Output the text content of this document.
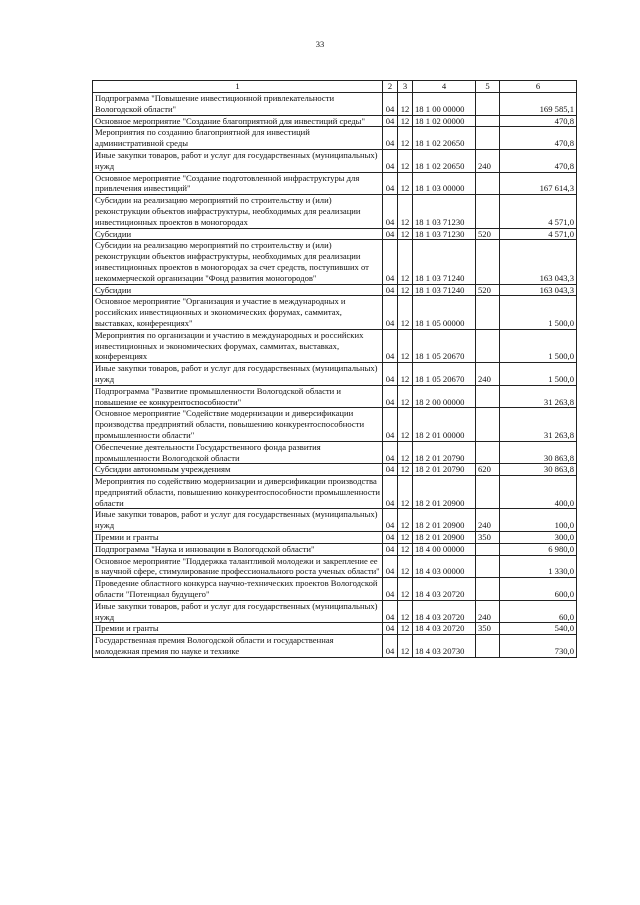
33
1	2	3	4	5	6
Подпрограмма "Повышение инвестиционной привлекательности Вологодской области"	04	12	18 1 00 00000		169 585,1
Основное мероприятие "Создание благоприятной для инвестиций среды"	04	12	18 1 02 00000		470,8
Мероприятия по созданию благоприятной для инвестиций административной среды	04	12	18 1 02 20650		470,8
Иные закупки товаров, работ и услуг для государственных (муниципальных) нужд	04	12	18 1 02 20650	240	470,8
Основное мероприятие "Создание подготовленной инфраструктуры для привлечения инвестиций"	04	12	18 1 03 00000		167 614,3
Субсидии на реализацию мероприятий по строительству и (или) реконструкции объектов инфраструктуры, необходимых для реализации инвестиционных проектов в моногородах	04	12	18 1 03 71230		4 571,0
Субсидии	04	12	18 1 03 71230	520	4 571,0
Субсидии на реализацию мероприятий по строительству и (или) реконструкции объектов инфраструктуры, необходимых для реализации инвестиционных проектов в моногородах за счет средств, поступивших от некоммерческой организации "Фонд развития моногородов"	04	12	18 1 03 71240		163 043,3
Субсидии	04	12	18 1 03 71240	520	163 043,3
Основное мероприятие "Организация и участие в международных и российских инвестиционных и экономических форумах, саммитах, выставках, конференциях"	04	12	18 1 05 00000		1 500,0
Мероприятия по организации и участию в международных и российских инвестиционных и экономических форумах, саммитах, выставках, конференциях	04	12	18 1 05 20670		1 500,0
Иные закупки товаров, работ и услуг для государственных (муниципальных) нужд	04	12	18 1 05 20670	240	1 500,0
Подпрограмма "Развитие промышленности Вологодской области и повышение ее конкурентоспособности"	04	12	18 2 00 00000		31 263,8
Основное мероприятие "Содействие модернизации и диверсификации производства предприятий области, повышению конкурентоспособности промышленности области"	04	12	18 2 01 00000		31 263,8
Обеспечение деятельности Государственного фонда развития промышленности Вологодской области	04	12	18 2 01 20790		30 863,8
Субсидии автономным учреждениям	04	12	18 2 01 20790	620	30 863,8
Мероприятия по содействию модернизации и диверсификации производства предприятий области, повышению конкурентоспособности промышленности области	04	12	18 2 01 20900		400,0
Иные закупки товаров, работ и услуг для государственных (муниципальных) нужд	04	12	18 2 01 20900	240	100,0
Премии и гранты	04	12	18 2 01 20900	350	300,0
Подпрограмма "Наука и инновации в Вологодской области"	04	12	18 4 00 00000		6 980,0
Основное мероприятие "Поддержка талантливой молодежи и закрепление ее в научной сфере, стимулирование профессионального роста ученых области"	04	12	18 4 03 00000		1 330,0
Проведение областного конкурса научно-технических проектов Вологодской области "Потенциал будущего"	04	12	18 4 03 20720		600,0
Иные закупки товаров, работ и услуг для государственных (муниципальных) нужд	04	12	18 4 03 20720	240	60,0
Премии и гранты	04	12	18 4 03 20720	350	540,0
Государственная премия Вологодской области и государственная молодежная премия по науке и технике	04	12	18 4 03 20730		730,0
